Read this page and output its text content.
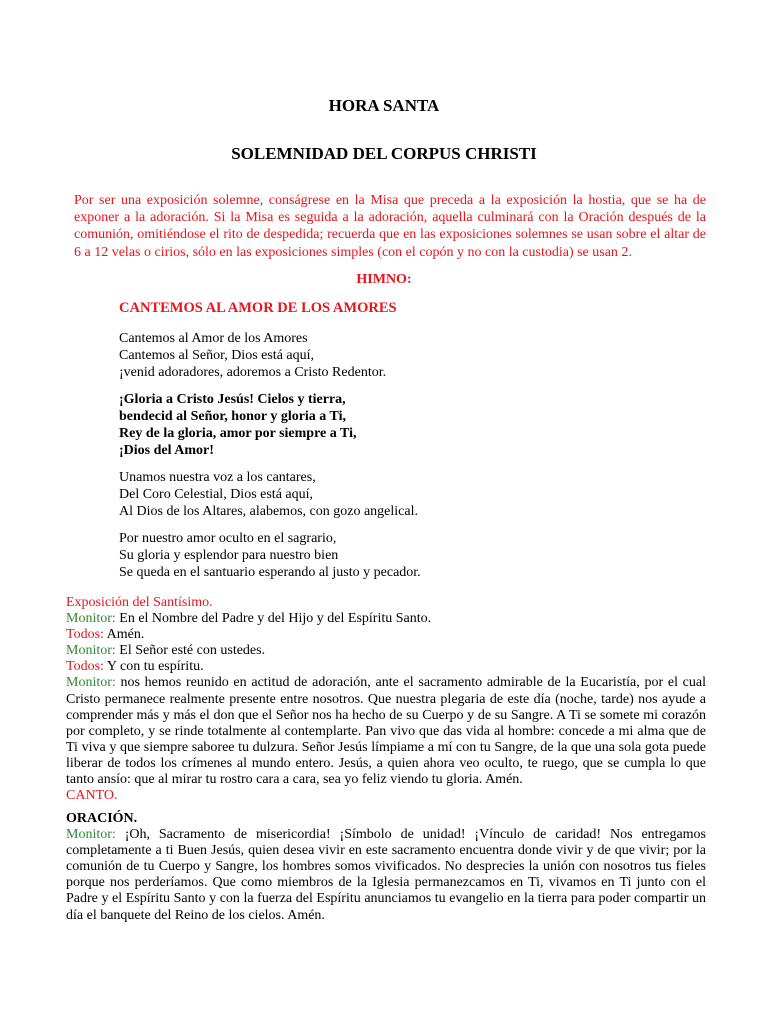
HORA SANTA
SOLEMNIDAD DEL CORPUS CHRISTI
Por ser una exposición solemne, conságrese en la Misa que preceda a la exposición la hostia, que se ha de exponer a la adoración. Si la Misa es seguida a la adoración, aquella culminará con la Oración después de la comunión, omitiéndose el rito de despedida; recuerda que en las exposiciones solemnes se usan sobre el altar de 6 a 12 velas o cirios, sólo en las exposiciones simples (con el copón y no con la custodia) se usan 2.
HIMNO:
CANTEMOS AL AMOR DE LOS AMORES
Cantemos al Amor de los Amores
Cantemos al Señor, Dios está aquí,
¡venid adoradores, adoremos a Cristo Redentor.
¡Gloria a Cristo Jesús! Cielos y tierra,
bendecid al Señor, honor y gloria a Ti,
Rey de la gloria, amor por siempre a Ti,
¡Dios del Amor!
Unamos nuestra voz a los cantares,
Del Coro Celestial, Dios está aquí,
Al Dios de los Altares, alabemos, con gozo angelical.
Por nuestro amor oculto en el sagrario,
Su gloria y esplendor para nuestro bien
Se queda en el santuario esperando al justo y pecador.
Exposición del Santísimo.
Monitor: En el Nombre del Padre y del Hijo y del Espíritu Santo.
Todos: Amén.
Monitor: El Señor esté con ustedes.
Todos: Y con tu espíritu.
Monitor: nos hemos reunido en actitud de adoración, ante el sacramento admirable de la Eucaristía, por el cual Cristo permanece realmente presente entre nosotros. Que nuestra plegaria de este día (noche, tarde) nos ayude a comprender más y más el don que el Señor nos ha hecho de su Cuerpo y de su Sangre. A Ti se somete mi corazón por completo, y se rinde totalmente al contemplarte. Pan vivo que das vida al hombre: concede a mi alma que de Ti viva y que siempre saboree tu dulzura. Señor Jesús límpiame a mí con tu Sangre, de la que una sola gota puede liberar de todos los crímenes al mundo entero. Jesús, a quien ahora veo oculto, te ruego, que se cumpla lo que tanto ansío: que al mirar tu rostro cara a cara, sea yo feliz viendo tu gloria. Amén.
CANTO.
ORACIÓN.
Monitor: ¡Oh, Sacramento de misericordia! ¡Símbolo de unidad! ¡Vínculo de caridad! Nos entregamos completamente a ti Buen Jesús, quien desea vivir en este sacramento encuentra donde vivir y de que vivir; por la comunión de tu Cuerpo y Sangre, los hombres somos vivificados. No desprecies la unión con nosotros tus fieles porque nos perderíamos. Que como miembros de la Iglesia permanezcamos en Ti, vivamos en Ti junto con el Padre y el Espíritu Santo y con la fuerza del Espíritu anunciamos tu evangelio en la tierra para poder compartir un día el banquete del Reino de los cielos. Amén.
